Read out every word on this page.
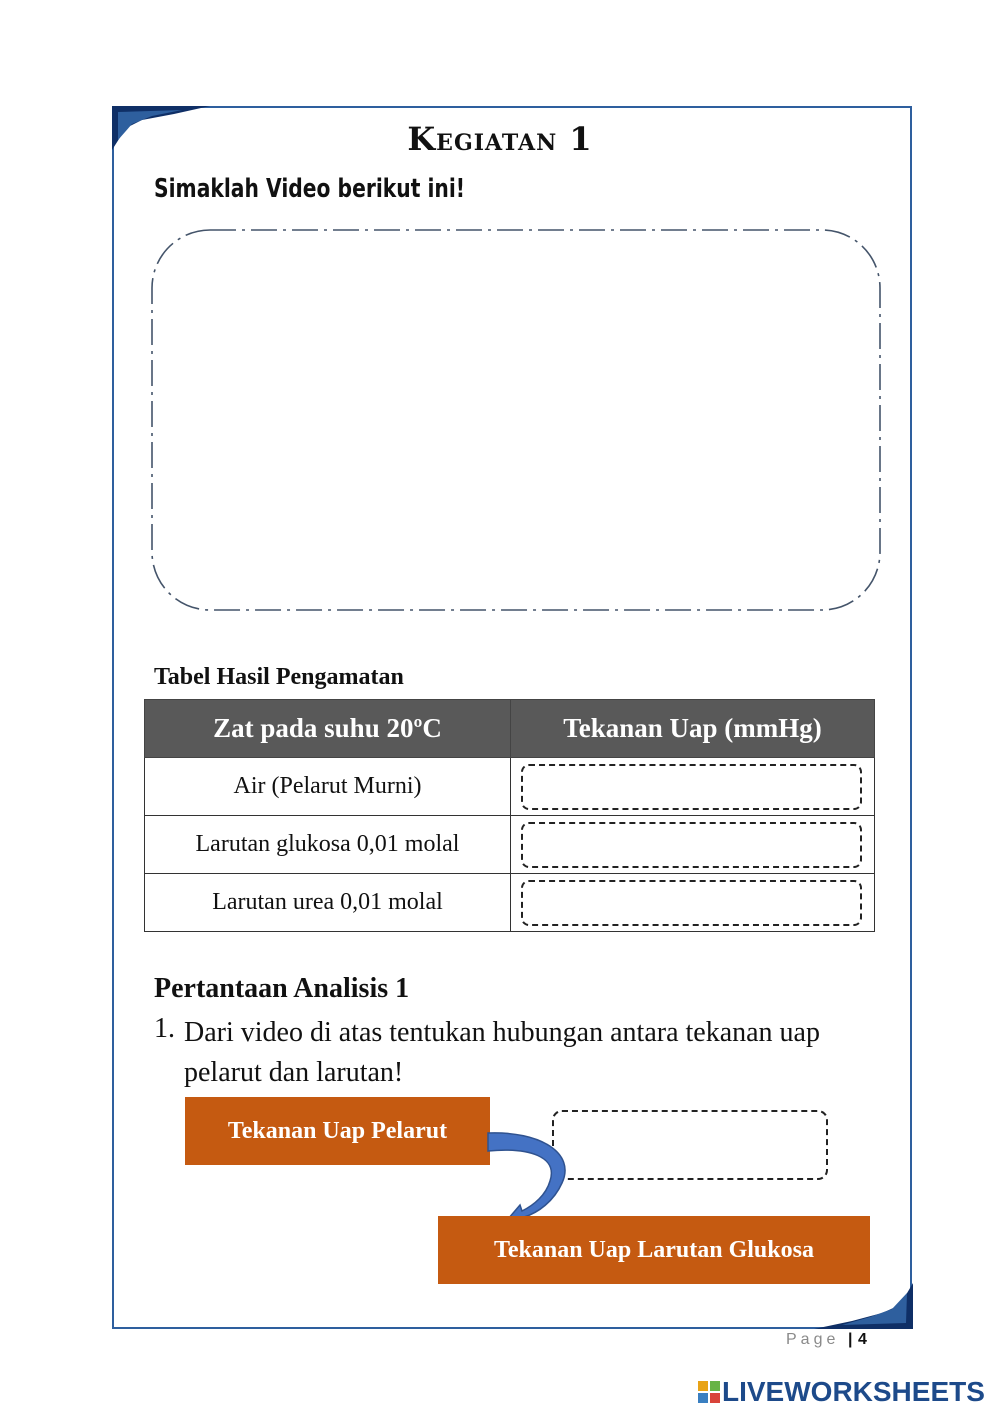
Kegiatan 1
Simaklah Video berikut ini!
Tabel Hasil Pengamatan
Zat pada suhu 20ºC	Tekanan Uap (mmHg)
Air (Pelarut Murni)	

Larutan glukosa 0,01 molal	

Larutan urea 0,01 molal	
Pertantaan Analisis 1
1. Dari video di atas tentukan hubungan antara tekanan uap pelarut dan larutan!
Tekanan Uap Pelarut
Tekanan Uap Larutan Glukosa
Page | 4
LIVEWORKSHEETS
